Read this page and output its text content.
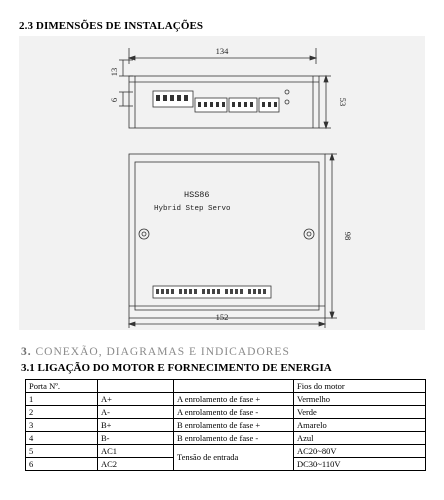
2.3 DIMENSÕES DE INSTALAÇÕES
134
152
13
6	53
98
HSS86
Hybrid Step Servo
3. CONEXÃO, DIAGRAMAS E INDICADORES
3.1 LIGAÇÃO DO MOTOR E FORNECIMENTO DE ENERGIA
Porta Nº.			Fios do motor
1	A+	A enrolamento de fase +	Vermelho
2	A-	A enrolamento de fase -	Verde
3	B+	B enrolamento de fase +	Amarelo
4	B-	B enrolamento de fase -	Azul
5	AC1	Tensão de entrada	AC20~80V
6	AC2		DC30~110V
